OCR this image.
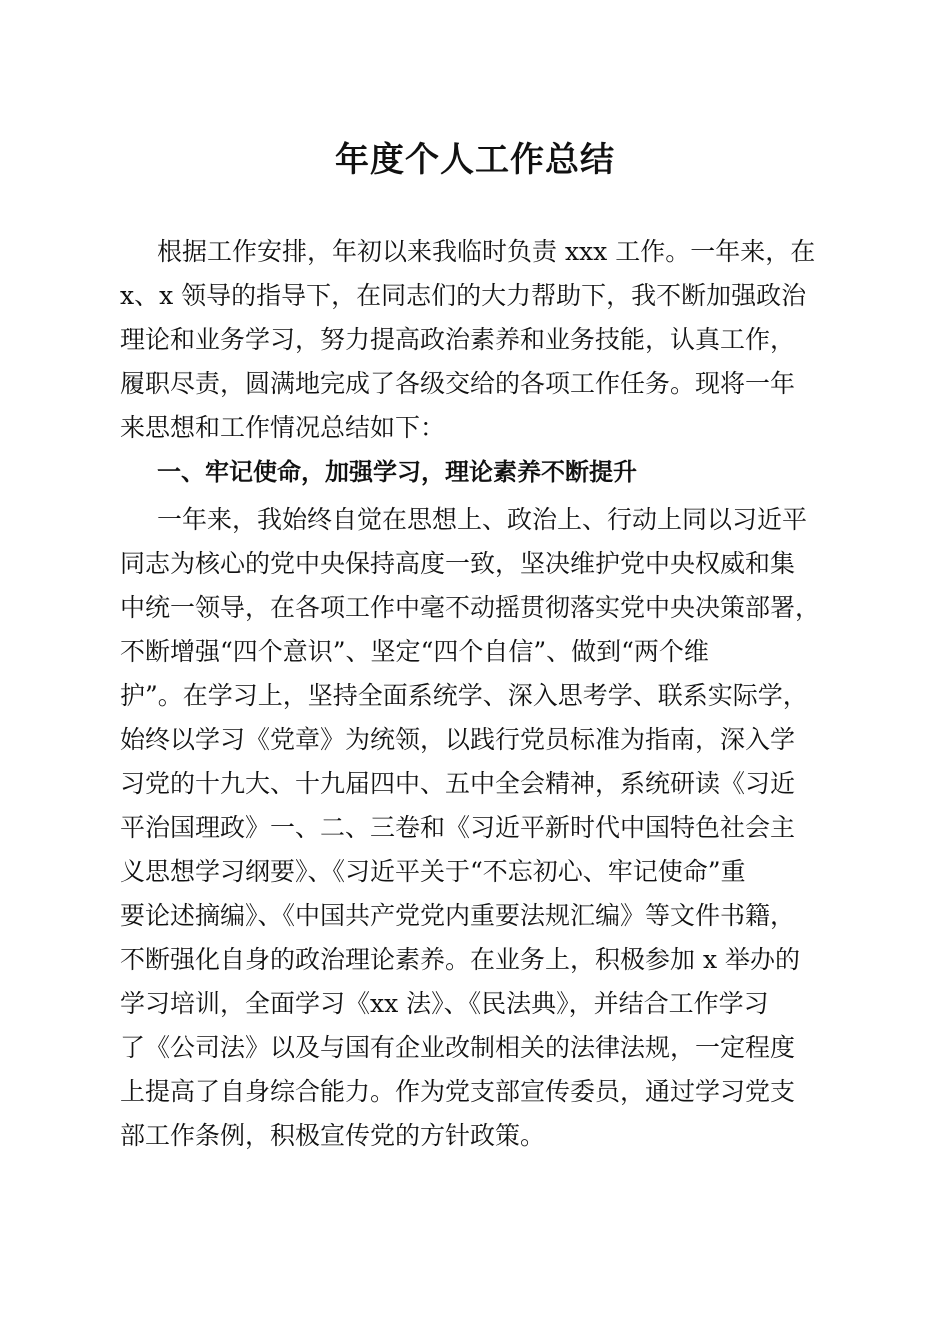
年度个人工作总结

根据工作安排，年初以来我临时负责 xxx 工作。一年来，在

x、x 领导的指导下，在同志们的大力帮助下，我不断加强政治

理论和业务学习，努力提高政治素养和业务技能，认真工作，

履职尽责，圆满地完成了各级交给的各项工作任务。现将一年

来思想和工作情况总结如下：

一、牢记使命，加强学习，理论素养不断提升

一年来，我始终自觉在思想上、政治上、行动上同以习近平

同志为核心的党中央保持高度一致，坚决维护党中央权威和集

中统一领导，在各项工作中毫不动摇贯彻落实党中央决策部署，

不断增强“四个意识”、坚定“四个自信”、做到“两个维

护”。在学习上，坚持全面系统学、深入思考学、联系实际学，

始终以学习《党章》为统领，以践行党员标准为指南，深入学

习党的十九大、十九届四中、五中全会精神，系统研读《习近

平治国理政》一、二、三卷和《习近平新时代中国特色社会主

义思想学习纲要》、《习近平关于“不忘初心、牢记使命”重

要论述摘编》、《中国共产党党内重要法规汇编》等文件书籍，

不断强化自身的政治理论素养。在业务上，积极参加 x 举办的

学习培训，全面学习《xx 法》、《民法典》，并结合工作学习

了《公司法》以及与国有企业改制相关的法律法规，一定程度

上提高了自身综合能力。作为党支部宣传委员，通过学习党支

部工作条例，积极宣传党的方针政策。
